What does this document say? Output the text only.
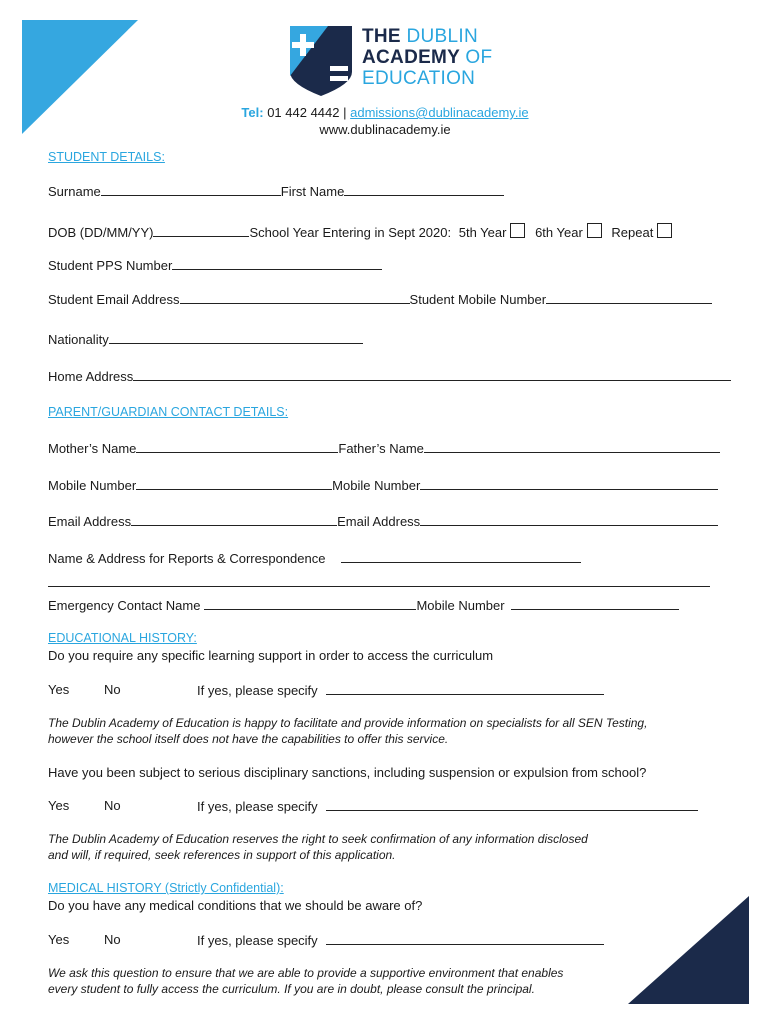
THE DUBLIN
ACADEMY OF
EDUCATION
Tel: 01 442 4442 | admissions@dublinacademy.ie
www.dublinacademy.ie
STUDENT DETAILS:
Surname	First Name
DOB (DD/MM/YY)	School Year Entering in Sept 2020: 5th Year 6th Year Repeat
Student PPS Number
Student Email Address	Student Mobile Number
Nationality
Home Address
PARENT/GUARDIAN CONTACT DETAILS:
Mother’s Name	Father’s Name
Mobile Number	Mobile Number
Email Address	Email Address
Name & Address for Reports & Correspondence
Emergency Contact Name	Mobile Number
EDUCATIONAL HISTORY:
Do you require any specific learning support in order to access the curriculum
Yes	No	If yes, please specify
The Dublin Academy of Education is happy to facilitate and provide information on specialists for all SEN Testing,
however the school itself does not have the capabilities to offer this service.
Have you been subject to serious disciplinary sanctions, including suspension or expulsion from school?
Yes	No	If yes, please specify
The Dublin Academy of Education reserves the right to seek confirmation of any information disclosed
and will, if required, seek references in support of this application.
MEDICAL HISTORY (Strictly Confidential):
Do you have any medical conditions that we should be aware of?
Yes	No	If yes, please specify
We ask this question to ensure that we are able to provide a supportive environment that enables
every student to fully access the curriculum. If you are in doubt, please consult the principal.
